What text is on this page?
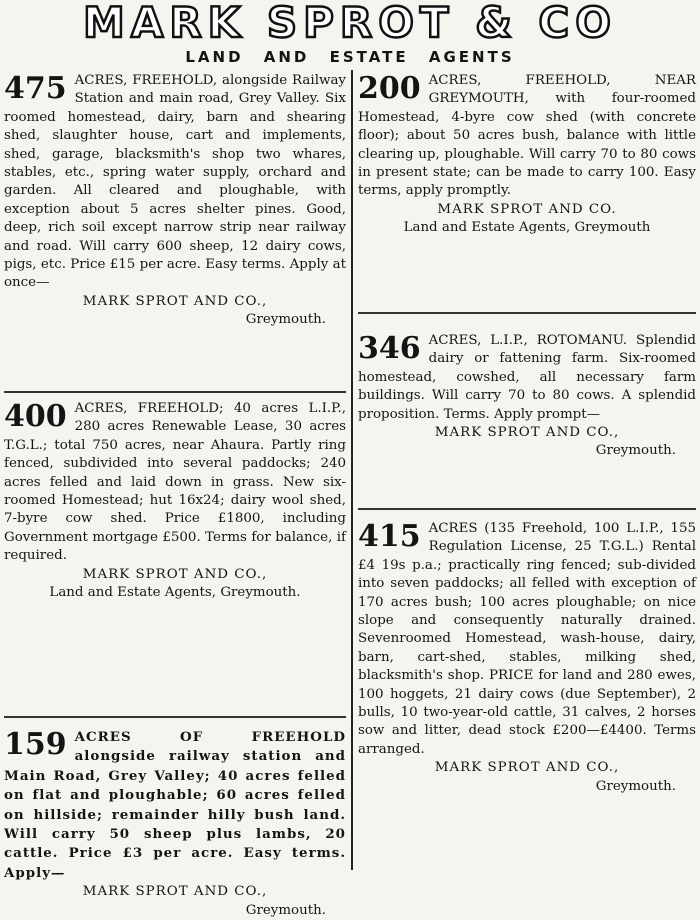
MARK SPROT & CO
LAND AND ESTATE AGENTS

475 ACRES, FREEHOLD, alongside Railway Station and main road, Grey Valley. Six roomed homestead, dairy, barn and shearing shed, slaughter house, cart and implements, shed, garage, blacksmith's shop two whares, stables, etc., spring water supply, orchard and garden. All cleared and ploughable, with exception about 5 acres shelter pines. Good, deep, rich soil except narrow strip near railway and road. Will carry 600 sheep, 12 dairy cows, pigs, etc. Price £15 per acre. Easy terms. Apply at once—

MARK SPROT AND CO.,

Greymouth.

400 ACRES, FREEHOLD; 40 acres L.I.P., 280 acres Renewable Lease, 30 acres T.G.L.; total 750 acres, near Ahaura. Partly ring fenced, subdivided into several paddocks; 240 acres felled and laid down in grass. New six-roomed Homestead; hut 16x24; dairy wool shed, 7-byre cow shed. Price £1800, including Government mortgage £500. Terms for balance, if required.

MARK SPROT AND CO.,

Land and Estate Agents, Greymouth.

159 ACRES OF FREEHOLD alongside railway station and Main Road, Grey Valley; 40 acres felled on flat and ploughable; 60 acres felled on hillside; remainder hilly bush land. Will carry 50 sheep plus lambs, 20 cattle. Price £3 per acre. Easy terms. Apply—

MARK SPROT AND CO.,

Greymouth.

200 ACRES, FREEHOLD, NEAR GREYMOUTH, with four-roomed Homestead, 4-byre cow shed (with concrete floor); about 50 acres bush, balance with little clearing up, ploughable. Will carry 70 to 80 cows in present state; can be made to carry 100. Easy terms, apply promptly.

MARK SPROT AND CO.

Land and Estate Agents, Greymouth

346 ACRES, L.I.P., ROTOMANU. Splendid dairy or fattening farm. Six-roomed homestead, cowshed, all necessary farm buildings. Will carry 70 to 80 cows. A splendid proposition. Terms. Apply prompt—

MARK SPROT AND CO.,

Greymouth.

415 ACRES (135 Freehold, 100 L.I.P., 155 Regulation License, 25 T.G.L.) Rental £4 19s p.a.; practically ring fenced; sub-divided into seven paddocks; all felled with exception of 170 acres bush; 100 acres ploughable; on nice slope and consequently naturally drained. Sevenroomed Homestead, wash-house, dairy, barn, cart-shed, stables, milking shed, blacksmith's shop. PRICE for land and 280 ewes, 100 hoggets, 21 dairy cows (due September), 2 bulls, 10 two-year-old cattle, 31 calves, 2 horses sow and litter, dead stock £200—£4400. Terms arranged.

MARK SPROT AND CO.,

Greymouth.
